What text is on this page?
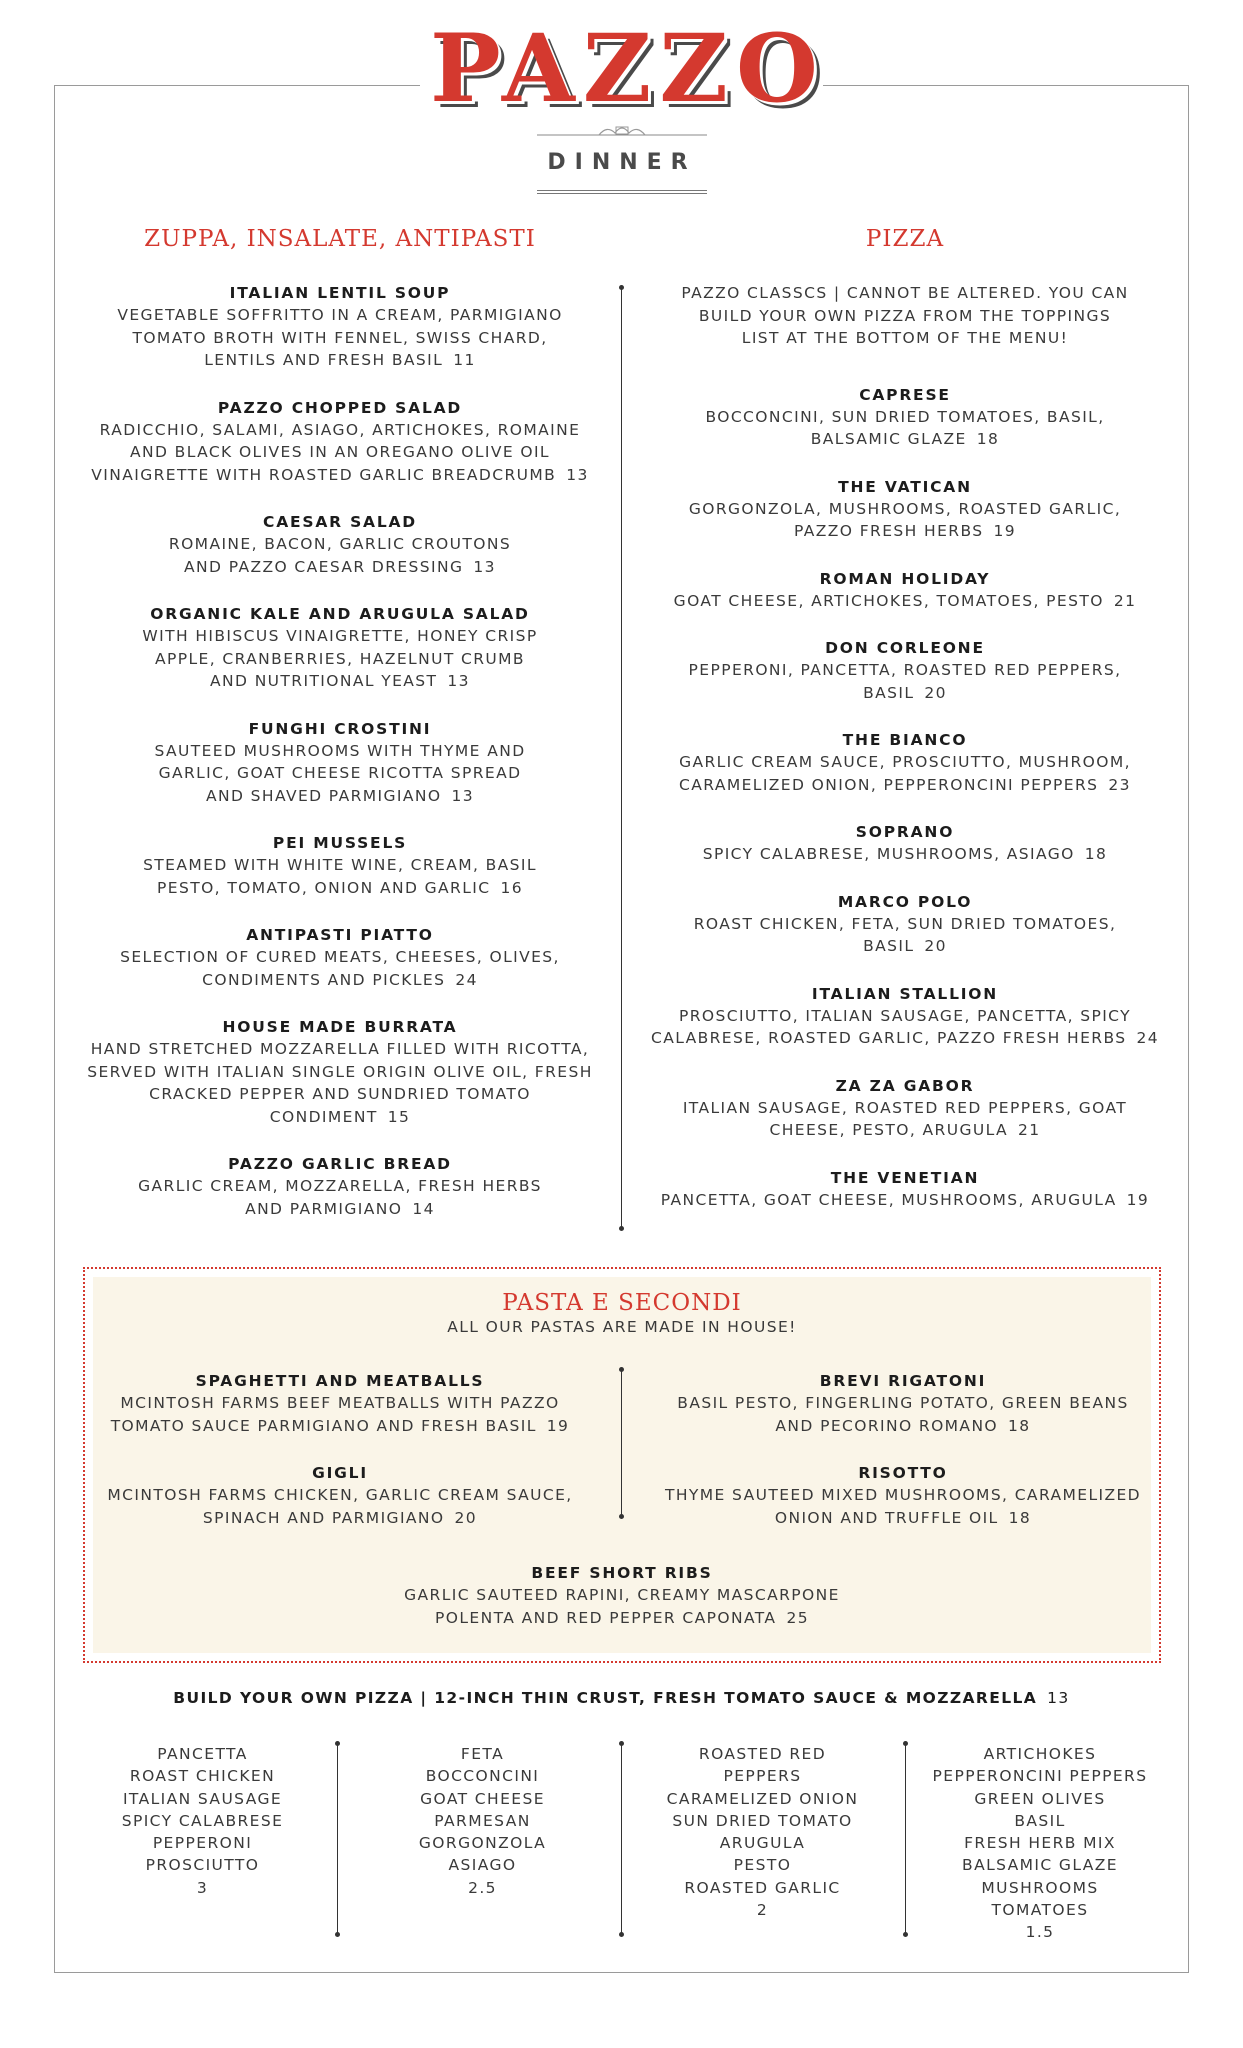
PAZZO
DINNER
ZUPPA, INSALATE, ANTIPASTI
ITALIAN LENTIL SOUP
VEGETABLE SOFFRITTO IN A CREAM, PARMIGIANO
TOMATO BROTH WITH FENNEL, SWISS CHARD,
LENTILS AND FRESH BASIL 11
PAZZO CHOPPED SALAD
RADICCHIO, SALAMI, ASIAGO, ARTICHOKES, ROMAINE
AND BLACK OLIVES IN AN OREGANO OLIVE OIL
VINAIGRETTE WITH ROASTED GARLIC BREADCRUMB 13
CAESAR SALAD
ROMAINE, BACON, GARLIC CROUTONS
AND PAZZO CAESAR DRESSING 13
ORGANIC KALE AND ARUGULA SALAD
WITH HIBISCUS VINAIGRETTE, HONEY CRISP
APPLE, CRANBERRIES, HAZELNUT CRUMB
AND NUTRITIONAL YEAST 13
FUNGHI CROSTINI
SAUTEED MUSHROOMS WITH THYME AND
GARLIC, GOAT CHEESE RICOTTA SPREAD
AND SHAVED PARMIGIANO 13
PEI MUSSELS
STEAMED WITH WHITE WINE, CREAM, BASIL
PESTO, TOMATO, ONION AND GARLIC 16
ANTIPASTI PIATTO
SELECTION OF CURED MEATS, CHEESES, OLIVES,
CONDIMENTS AND PICKLES 24
HOUSE MADE BURRATA
HAND STRETCHED MOZZARELLA FILLED WITH RICOTTA,
SERVED WITH ITALIAN SINGLE ORIGIN OLIVE OIL, FRESH
CRACKED PEPPER AND SUNDRIED TOMATO CONDIMENT 15
PAZZO GARLIC BREAD
GARLIC CREAM, MOZZARELLA, FRESH HERBS
AND PARMIGIANO 14
PIZZA
PAZZO CLASSCS | CANNOT BE ALTERED. YOU CAN
BUILD YOUR OWN PIZZA FROM THE TOPPINGS
LIST AT THE BOTTOM OF THE MENU!
CAPRESE
BOCCONCINI, SUN DRIED TOMATOES, BASIL,
BALSAMIC GLAZE 18
THE VATICAN
GORGONZOLA, MUSHROOMS, ROASTED GARLIC,
PAZZO FRESH HERBS 19
ROMAN HOLIDAY
GOAT CHEESE, ARTICHOKES, TOMATOES, PESTO 21
DON CORLEONE
PEPPERONI, PANCETTA, ROASTED RED PEPPERS,
BASIL 20
THE BIANCO
GARLIC CREAM SAUCE, PROSCIUTTO, MUSHROOM,
CARAMELIZED ONION, PEPPERONCINI PEPPERS 23
SOPRANO
SPICY CALABRESE, MUSHROOMS, ASIAGO 18
MARCO POLO
ROAST CHICKEN, FETA, SUN DRIED TOMATOES,
BASIL 20
ITALIAN STALLION
PROSCIUTTO, ITALIAN SAUSAGE, PANCETTA, SPICY
CALABRESE, ROASTED GARLIC, PAZZO FRESH HERBS 24
ZA ZA GABOR
ITALIAN SAUSAGE, ROASTED RED PEPPERS, GOAT
CHEESE, PESTO, ARUGULA 21
THE VENETIAN
PANCETTA, GOAT CHEESE, MUSHROOMS, ARUGULA 19
PASTA E SECONDI
ALL OUR PASTAS ARE MADE IN HOUSE!
SPAGHETTI AND MEATBALLS
MCINTOSH FARMS BEEF MEATBALLS WITH PAZZO
TOMATO SAUCE PARMIGIANO AND FRESH BASIL 19
GIGLI
MCINTOSH FARMS CHICKEN, GARLIC CREAM SAUCE,
SPINACH AND PARMIGIANO 20
BREVI RIGATONI
BASIL PESTO, FINGERLING POTATO, GREEN BEANS
AND PECORINO ROMANO 18
RISOTTO
THYME SAUTEED MIXED MUSHROOMS, CARAMELIZED
ONION AND TRUFFLE OIL 18
BEEF SHORT RIBS
GARLIC SAUTEED RAPINI, CREAMY MASCARPONE
POLENTA AND RED PEPPER CAPONATA 25
BUILD YOUR OWN PIZZA | 12-INCH THIN CRUST, FRESH TOMATO SAUCE & MOZZARELLA 13
PANCETTA
ROAST CHICKEN
ITALIAN SAUSAGE
SPICY CALABRESE
PEPPERONI
PROSCIUTTO
3
FETA
BOCCONCINI
GOAT CHEESE
PARMESAN
GORGONZOLA
ASIAGO
2.5
ROASTED RED
PEPPERS
CARAMELIZED ONION
SUN DRIED TOMATO
ARUGULA
PESTO
ROASTED GARLIC
2
ARTICHOKES
PEPPERONCINI PEPPERS
GREEN OLIVES
BASIL
FRESH HERB MIX
BALSAMIC GLAZE
MUSHROOMS
TOMATOES
1.5
